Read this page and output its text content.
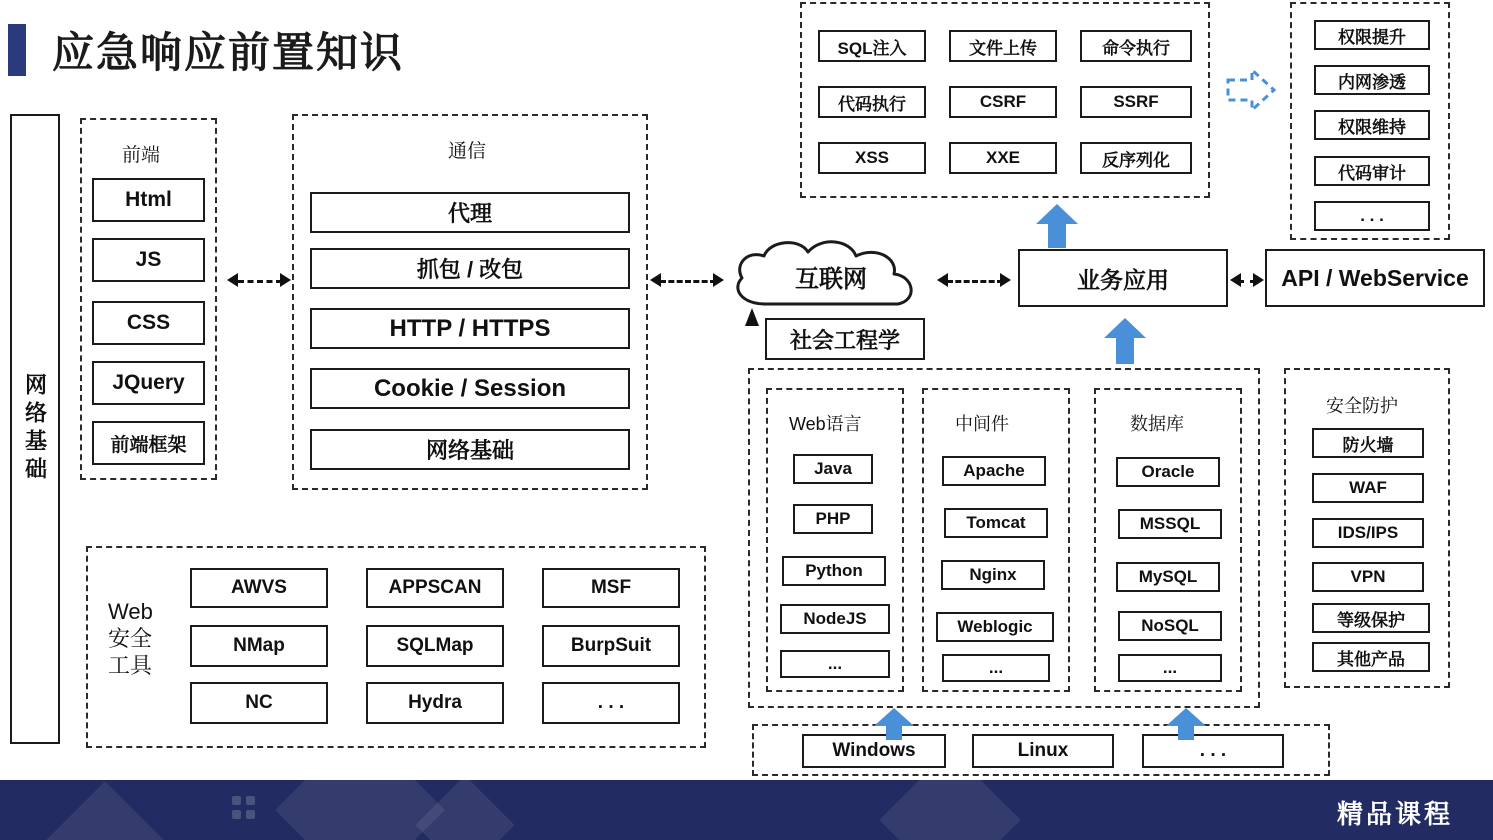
应急响应前置知识
网络基础
前端
Html
JS
CSS
JQuery
前端框架
通信
代理
抓包 / 改包
HTTP / HTTPS
Cookie / Session
网络基础
Web
安全
工具
AWVS	APPSCAN	MSF
NMap	SQLMap	BurpSuit
NC	Hydra	. . .
互联网
社会工程学
业务应用	API / WebService
SQL注入	文件上传	命令执行
代码执行	CSRF	SSRF
XSS	XXE	反序列化
权限提升
内网渗透
权限维持
代码审计
. . .
Web语言
Java
PHP
Python
NodeJS
...
中间件
Apache
Tomcat
Nginx
Weblogic
...
数据库
Oracle
MSSQL
MySQL
NoSQL
...
安全防护
防火墙
WAF
IDS/IPS
VPN
等级保护
其他产品
Windows	Linux	. . .
精品课程
